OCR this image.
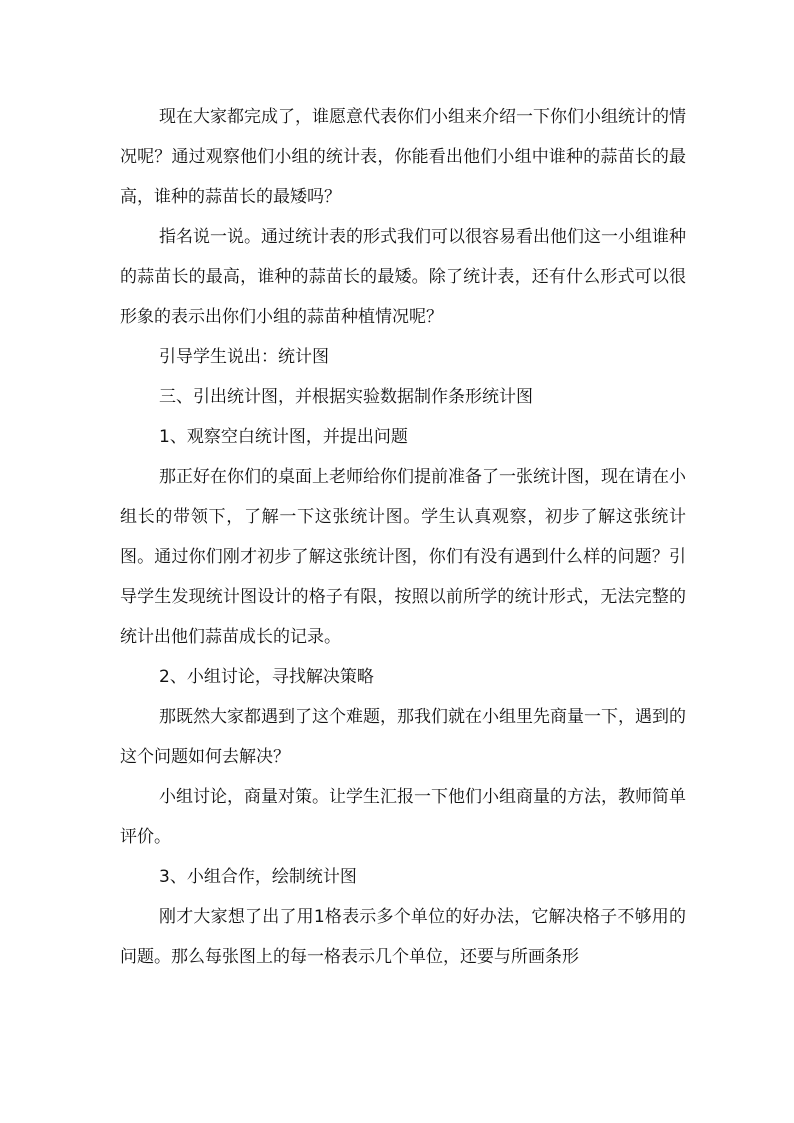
现在大家都完成了，谁愿意代表你们小组来介绍一下你们小组统计的情况呢？通过观察他们小组的统计表，你能看出他们小组中谁种的蒜苗长的最高，谁种的蒜苗长的最矮吗？

指名说一说。通过统计表的形式我们可以很容易看出他们这一小组谁种的蒜苗长的最高，谁种的蒜苗长的最矮。除了统计表，还有什么形式可以很形象的表示出你们小组的蒜苗种植情况呢？

引导学生说出：统计图

三、引出统计图，并根据实验数据制作条形统计图

1、观察空白统计图，并提出问题

那正好在你们的桌面上老师给你们提前准备了一张统计图，现在请在小组长的带领下，了解一下这张统计图。学生认真观察，初步了解这张统计图。通过你们刚才初步了解这张统计图，你们有没有遇到什么样的问题？引导学生发现统计图设计的格子有限，按照以前所学的统计形式，无法完整的统计出他们蒜苗成长的记录。

2、小组讨论，寻找解决策略

那既然大家都遇到了这个难题，那我们就在小组里先商量一下，遇到的这个问题如何去解决？

小组讨论，商量对策。让学生汇报一下他们小组商量的方法，教师简单评价。

3、小组合作，绘制统计图

刚才大家想了出了用1格表示多个单位的好办法，它解决格子不够用的问题。那么每张图上的每一格表示几个单位，还要与所画条形
